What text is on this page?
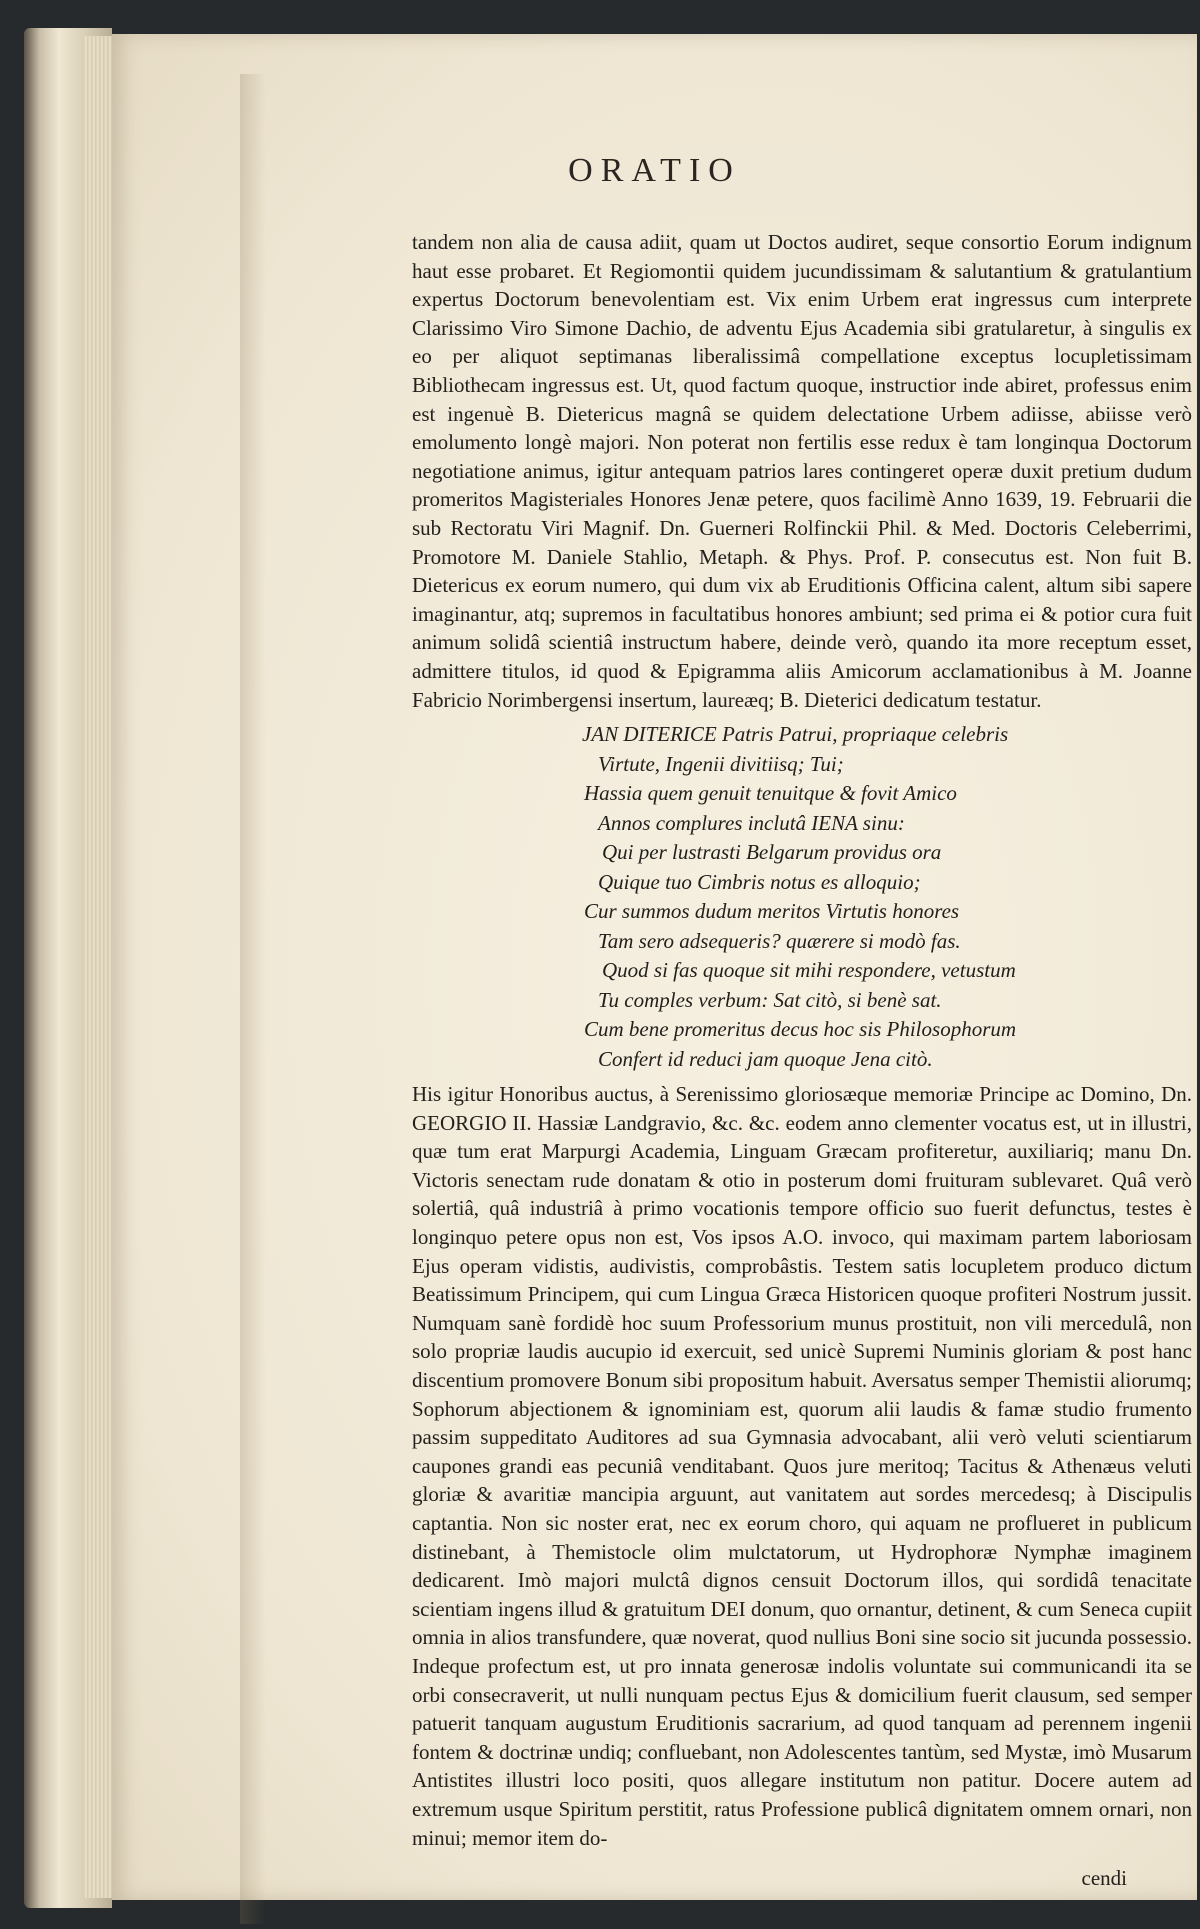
ORATIO

tandem non alia de causa adiit, quam ut Doctos audiret, seque consortio Eorum indignum haut esse probaret. Et Regiomontii quidem jucundissimam & salutantium & gratulantium expertus Doctorum benevolentiam est. Vix enim Urbem erat ingressus cum interprete Clarissimo Viro Simone Dachio, de adventu Ejus Academia sibi gratularetur, à singulis ex eo per aliquot septimanas liberalissimâ compellatione exceptus locupletissimam Bibliothecam ingressus est. Ut, quod factum quoque, instructior inde abiret, professus enim est ingenuè B. Dietericus magnâ se quidem delectatione Urbem adiisse, abiisse verò emolumento longè majori. Non poterat non fertilis esse redux è tam longinqua Doctorum negotiatione animus, igitur antequam patrios lares contingeret operæ duxit pretium dudum promeritos Magisteriales Honores Jenæ petere, quos facilimè Anno 1639, 19. Februarii die sub Rectoratu Viri Magnif. Dn. Guerneri Rolfinckii Phil. & Med. Doctoris Celeberrimi, Promotore M. Daniele Stahlio, Metaph. & Phys. Prof. P. consecutus est. Non fuit B. Dietericus ex eorum numero, qui dum vix ab Eruditionis Officina calent, altum sibi sapere imaginantur, atq; supremos in facultatibus honores ambiunt; sed prima ei & potior cura fuit animum solidâ scientiâ instructum habere, deinde verò, quando ita more receptum esset, admittere titulos, id quod & Epigramma aliis Amicorum acclamationibus à M. Joanne Fabricio Norimbergensi insertum, laureæq; B. Dieterici dedicatum testatur.

JAN DITERICE Patris Patrui, propriaque celebris
Virtute, Ingenii divitiisq; Tui;
Hassia quem genuit tenuitque & fovit Amico
Annos complures inclutâ IENA sinu:
Qui per lustrasti Belgarum providus ora
Quique tuo Cimbris notus es alloquio;
Cur summos dudum meritos Virtutis honores
Tam sero adsequeris? quærere si modò fas.
Quod si fas quoque sit mihi respondere, vetustum
Tu comples verbum: Sat citò, si benè sat.
Cum bene promeritus decus hoc sis Philosophorum
Confert id reduci jam quoque Jena citò.

His igitur Honoribus auctus, à Serenissimo gloriosæque memoriæ Principe ac Domino, Dn. GEORGIO II. Hassiæ Landgravio, &c. &c. eodem anno clementer vocatus est, ut in illustri, quæ tum erat Marpurgi Academia, Linguam Græcam profiteretur, auxiliariq; manu Dn. Victoris senectam rude donatam & otio in posterum domi fruituram sublevaret. Quâ verò solertiâ, quâ industriâ à primo vocationis tempore officio suo fuerit defunctus, testes è longinquo petere opus non est, Vos ipsos A.O. invoco, qui maximam partem laboriosam Ejus operam vidistis, audivistis, comprobâstis. Testem satis locupletem produco dictum Beatissimum Principem, qui cum Lingua Græca Historicen quoque profiteri Nostrum jussit. Numquam sanè fordidè hoc suum Professorium munus prostituit, non vili mercedulâ, non solo propriæ laudis aucupio id exercuit, sed unicè Supremi Numinis gloriam & post hanc discentium promovere Bonum sibi propositum habuit. Aversatus semper Themistii aliorumq; Sophorum abjectionem & ignominiam est, quorum alii laudis & famæ studio frumento passim suppeditato Auditores ad sua Gymnasia advocabant, alii verò veluti scientiarum caupones grandi eas pecuniâ venditabant. Quos jure meritoq; Tacitus & Athenæus veluti gloriæ & avaritiæ mancipia arguunt, aut vanitatem aut sordes mercedesq; à Discipulis captantia. Non sic noster erat, nec ex eorum choro, qui aquam ne proflueret in publicum distinebant, à Themistocle olim mulctatorum, ut Hydrophoræ Nymphæ imaginem dedicarent. Imò majori mulctâ dignos censuit Doctorum illos, qui sordidâ tenacitate scientiam ingens illud & gratuitum DEI donum, quo ornantur, detinent, & cum Seneca cupiit omnia in alios transfundere, quæ noverat, quod nullius Boni sine socio sit jucunda possessio. Indeque profectum est, ut pro innata generosæ indolis voluntate sui communicandi ita se orbi consecraverit, ut nulli nunquam pectus Ejus & domicilium fuerit clausum, sed semper patuerit tanquam augustum Eruditionis sacrarium, ad quod tanquam ad perennem ingenii fontem & doctrinæ undiq; confluebant, non Adolescentes tantùm, sed Mystæ, imò Musarum Antistites illustri loco positi, quos allegare institutum non patitur. Docere autem ad extremum usque Spiritum perstitit, ratus Professione publicâ dignitatem omnem ornari, non minui; memor item do-

cendi
